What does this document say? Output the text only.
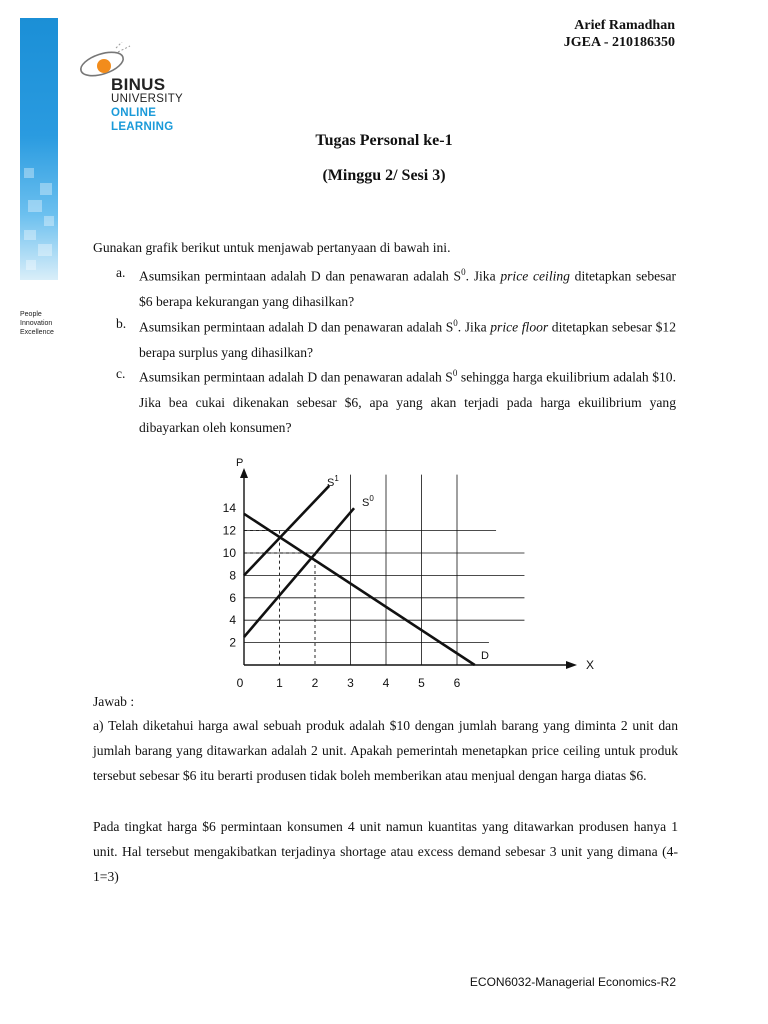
People
Innovation
Excellence
BINUS
UNIVERSITY
ONLINE
LEARNING
Arief Ramadhan
JGEA - 210186350
Tugas Personal ke-1
(Minggu 2/ Sesi 3)
Gunakan grafik berikut untuk menjawab pertanyaan di bawah ini.
a. Asumsikan permintaan adalah D dan penawaran adalah $S^0$. Jika price ceiling ditetapkan sebesar $6 berapa kekurangan yang dihasilkan?
b. Asumsikan permintaan adalah D dan penawaran adalah $S^0$. Jika price floor ditetapkan sebesar $12 berapa surplus yang dihasilkan?
c. Asumsikan permintaan adalah D dan penawaran adalah $S^0$ sehingga harga ekuilibrium adalah $10. Jika bea cukai dikenakan sebesar $6, apa yang akan terjadi pada harga ekuilibrium yang dibayarkan oleh konsumen?
2
4
6
8
10
12
14
0	1 2 3 4 5 6
P
X
$S^1$
$S^0$
D
Jawab :
a) Telah diketahui harga awal sebuah produk adalah $10 dengan jumlah barang yang diminta 2 unit dan jumlah barang yang ditawarkan adalah 2 unit. Apakah pemerintah menetapkan price ceiling untuk produk tersebut sebesar $6 itu berarti produsen tidak boleh memberikan atau menjual dengan harga diatas $6.
Pada tingkat harga $6 permintaan konsumen 4 unit namun kuantitas yang ditawarkan produsen hanya 1 unit. Hal tersebut mengakibatkan terjadinya shortage atau excess demand sebesar 3 unit yang dimana (4-1=3)
ECON6032-Managerial Economics-R2
